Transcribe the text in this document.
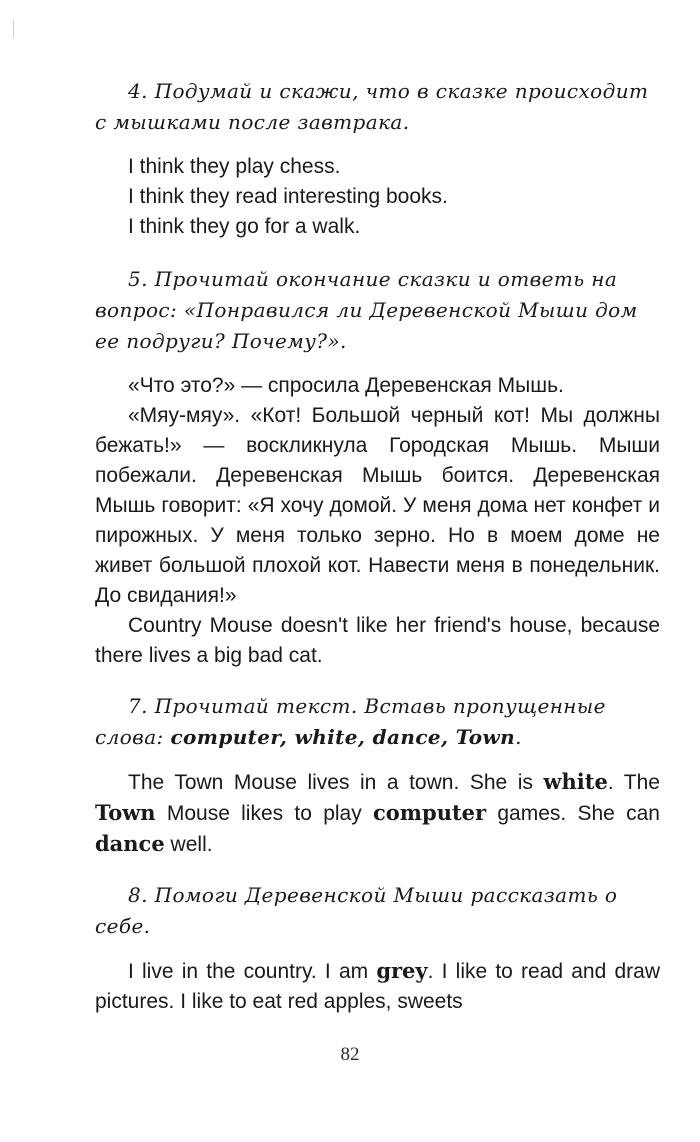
4. Подумай и скажи, что в сказке происходит с мышками после завтрака.

I think they play chess.
I think they read interesting books.
I think they go for a walk.

5. Прочитай окончание сказки и ответь на вопрос: «Понравился ли Деревенской Мыши дом ее подруги? Почему?».

«Что это?» — спросила Деревенская Мышь.
«Мяу-мяу». «Кот! Большой черный кот! Мы должны бежать!» — воскликнула Городская Мышь. Мыши побежали. Деревенская Мышь боится. Деревенская Мышь говорит: «Я хочу домой. У меня дома нет конфет и пирожных. У меня только зерно. Но в моем доме не живет большой плохой кот. Навести меня в понедельник. До свидания!»
Country Mouse doesn't like her friend's house, because there lives a big bad cat.

7. Прочитай текст. Вставь пропущенные слова: computer, white, dance, Town.

The Town Mouse lives in a town. She is white. The Town Mouse likes to play computer games. She can dance well.

8. Помоги Деревенской Мыши рассказать о себе.

I live in the country. I am grey. I like to read and draw pictures. I like to eat red apples, sweets
82
